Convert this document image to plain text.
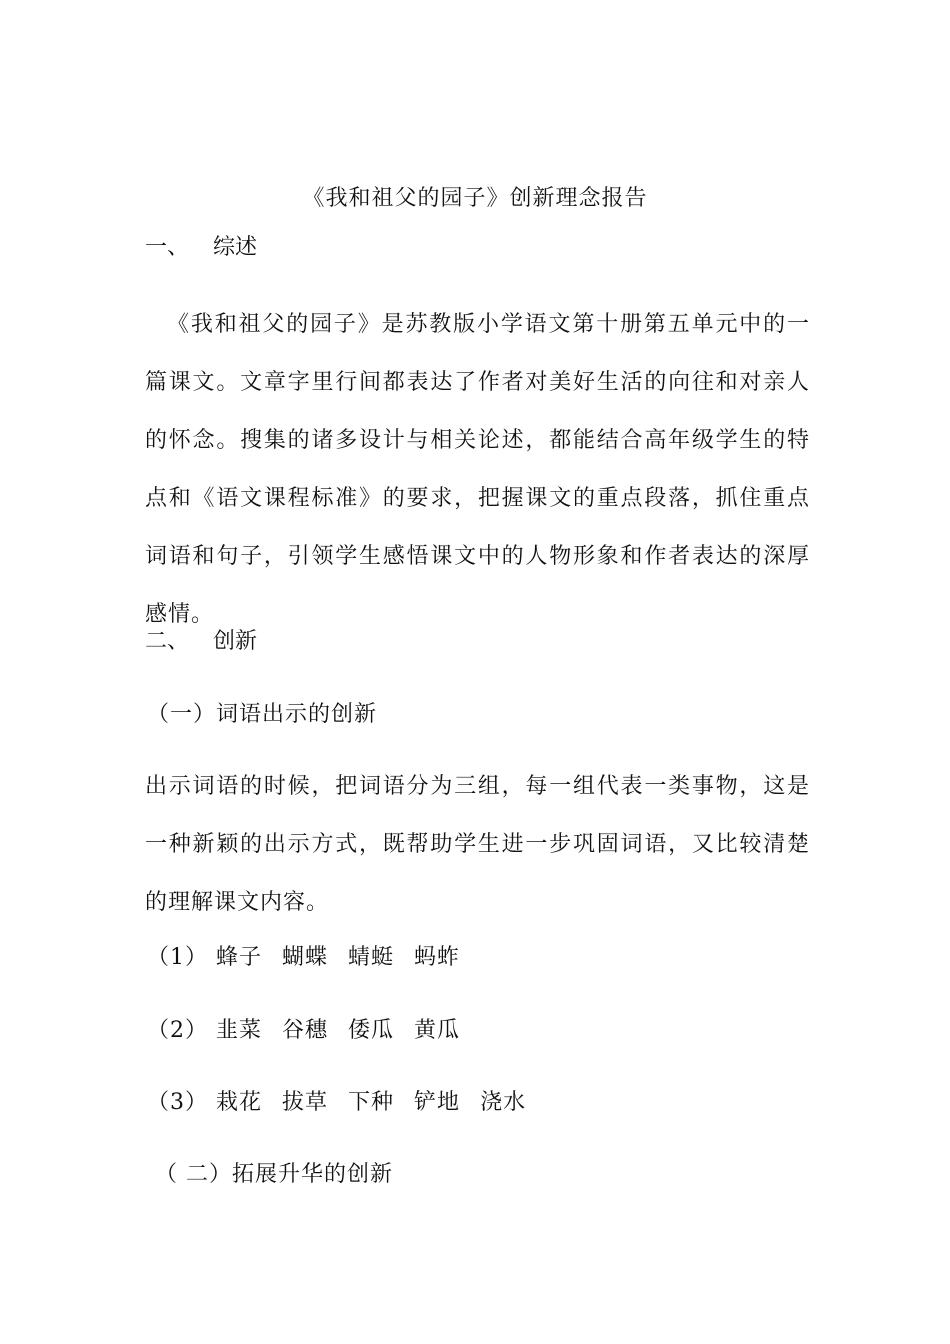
《我和祖父的园子》创新理念报告
一、 综述

《我和祖父的园子》是苏教版小学语文第十册第五单元中的一篇课文。文章字里行间都表达了作者对美好生活的向往和对亲人的怀念。搜集的诸多设计与相关论述，都能结合高年级学生的特点和《语文课程标准》的要求，把握课文的重点段落，抓住重点词语和句子，引领学生感悟课文中的人物形象和作者表达的深厚感情。

二、 创新
（一）词语出示的创新

出示词语的时候，把词语分为三组，每一组代表一类事物，这是一种新颖的出示方式，既帮助学生进一步巩固词语，又比较清楚的理解课文内容。

（1） 蜂子 蝴蝶 蜻蜓 蚂蚱
（2） 韭菜 谷穗 倭瓜 黄瓜
（3） 栽花 拔草 下种 铲地 浇水
（ 二）拓展升华的创新
